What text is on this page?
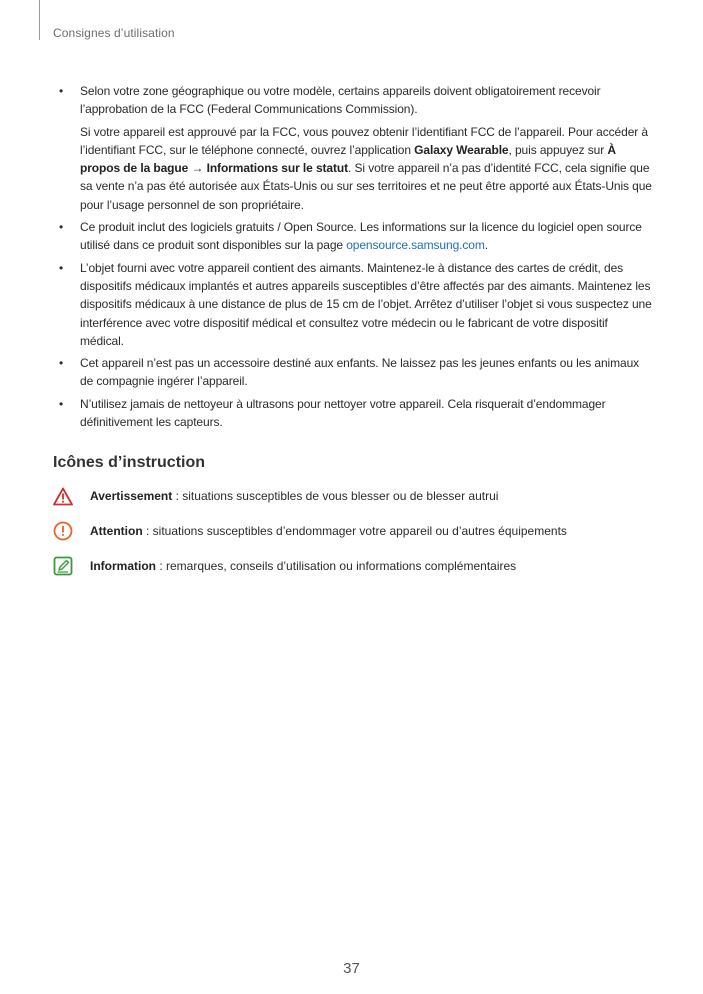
Consignes d’utilisation
• Selon votre zone géographique ou votre modèle, certains appareils doivent obligatoirement recevoir l’approbation de la FCC (Federal Communications Commission).
Si votre appareil est approuvé par la FCC, vous pouvez obtenir l’identifiant FCC de l’appareil. Pour accéder à l’identifiant FCC, sur le téléphone connecté, ouvrez l’application Galaxy Wearable, puis appuyez sur À propos de la bague → Informations sur le statut. Si votre appareil n’a pas d’identité FCC, cela signifie que sa vente n’a pas été autorisée aux États-Unis ou sur ses territoires et ne peut être apporté aux États-Unis que pour l’usage personnel de son propriétaire.
• Ce produit inclut des logiciels gratuits / Open Source. Les informations sur la licence du logiciel open source utilisé dans ce produit sont disponibles sur la page opensource.samsung.com.
• L’objet fourni avec votre appareil contient des aimants. Maintenez-le à distance des cartes de crédit, des dispositifs médicaux implantés et autres appareils susceptibles d’être affectés par des aimants. Maintenez les dispositifs médicaux à une distance de plus de 15 cm de l’objet. Arrêtez d’utiliser l’objet si vous suspectez une interférence avec votre dispositif médical et consultez votre médecin ou le fabricant de votre dispositif médical.
• Cet appareil n’est pas un accessoire destiné aux enfants. Ne laissez pas les jeunes enfants ou les animaux de compagnie ingérer l’appareil.
• N’utilisez jamais de nettoyeur à ultrasons pour nettoyer votre appareil. Cela risquerait d’endommager définitivement les capteurs.
Icônes d’instruction
Avertissement : situations susceptibles de vous blesser ou de blesser autrui
Attention : situations susceptibles d’endommager votre appareil ou d’autres équipements
Information : remarques, conseils d’utilisation ou informations complémentaires
37
